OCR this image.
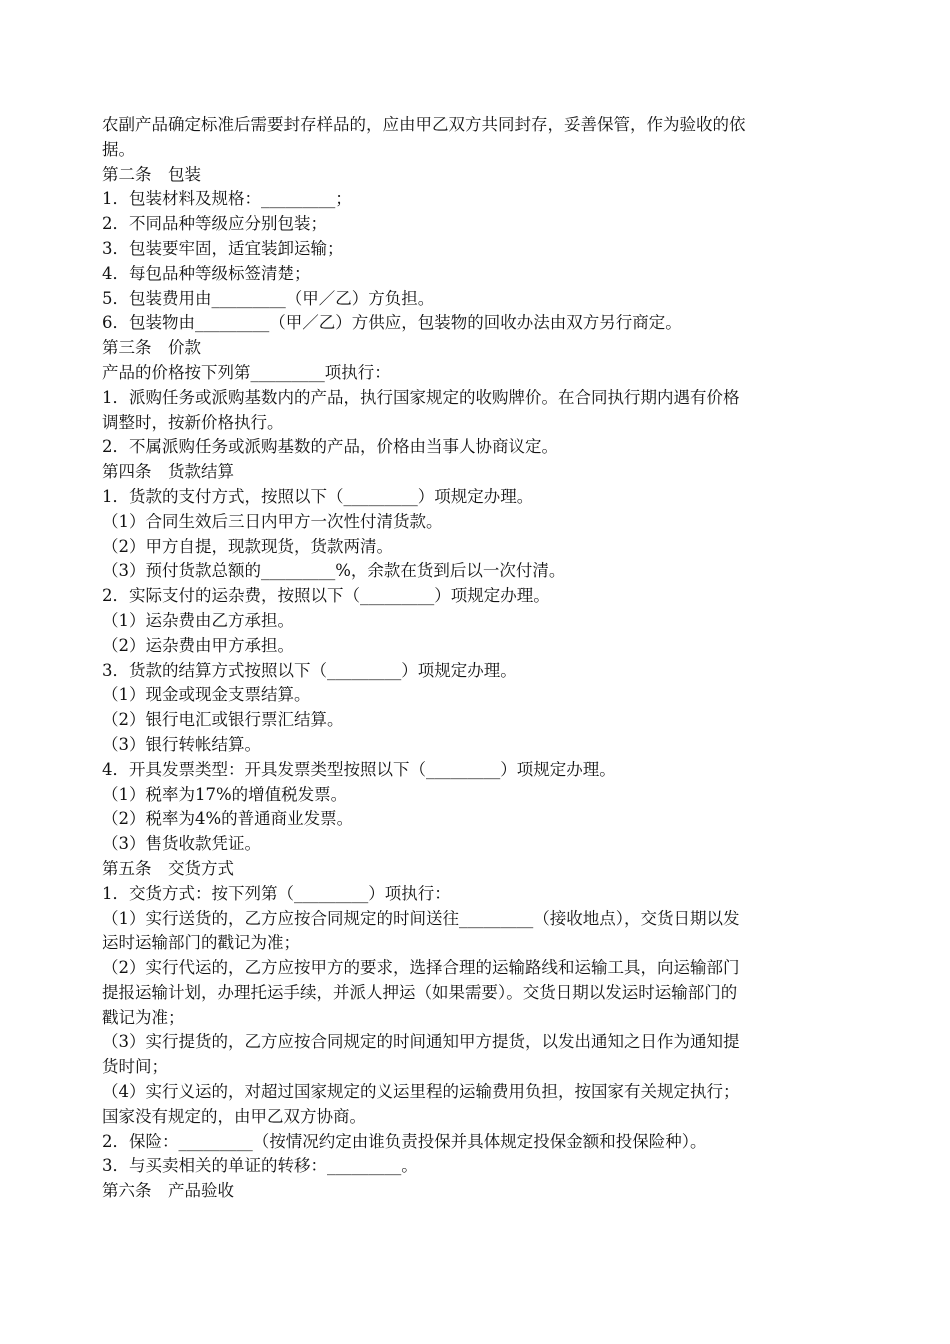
农副产品确定标准后需要封存样品的，应由甲乙双方共同封存，妥善保管，作为验收的依

据。

第二条　包装

1．包装材料及规格：_________；

2．不同品种等级应分别包装；

3．包装要牢固，适宜装卸运输；

4．每包品种等级标签清楚；

5．包装费用由_________（甲／乙）方负担。

6．包装物由_________（甲／乙）方供应，包装物的回收办法由双方另行商定。

第三条　价款

产品的价格按下列第_________项执行：

1．派购任务或派购基数内的产品，执行国家规定的收购牌价。在合同执行期内遇有价格

调整时，按新价格执行。

2．不属派购任务或派购基数的产品，价格由当事人协商议定。

第四条　货款结算

1．货款的支付方式，按照以下（_________）项规定办理。

（1）合同生效后三日内甲方一次性付清货款。

（2）甲方自提，现款现货，货款两清。

（3）预付货款总额的_________%，余款在货到后以一次付清。

2．实际支付的运杂费，按照以下（_________）项规定办理。

（1）运杂费由乙方承担。

（2）运杂费由甲方承担。

3．货款的结算方式按照以下（_________）项规定办理。

（1）现金或现金支票结算。

（2）银行电汇或银行票汇结算。

（3）银行转帐结算。

4．开具发票类型：开具发票类型按照以下（_________）项规定办理。

（1）税率为17%的增值税发票。

（2）税率为4%的普通商业发票。

（3）售货收款凭证。

第五条　交货方式

1．交货方式：按下列第（_________）项执行：

（1）实行送货的，乙方应按合同规定的时间送往_________（接收地点），交货日期以发

运时运输部门的戳记为准；

（2）实行代运的，乙方应按甲方的要求，选择合理的运输路线和运输工具，向运输部门

提报运输计划，办理托运手续，并派人押运（如果需要）。交货日期以发运时运输部门的

戳记为准；

（3）实行提货的，乙方应按合同规定的时间通知甲方提货，以发出通知之日作为通知提

货时间；

（4）实行义运的，对超过国家规定的义运里程的运输费用负担，按国家有关规定执行；

国家没有规定的，由甲乙双方协商。

2．保险：_________（按情况约定由谁负责投保并具体规定投保金额和投保险种）。

3．与买卖相关的单证的转移：_________。

第六条　产品验收
